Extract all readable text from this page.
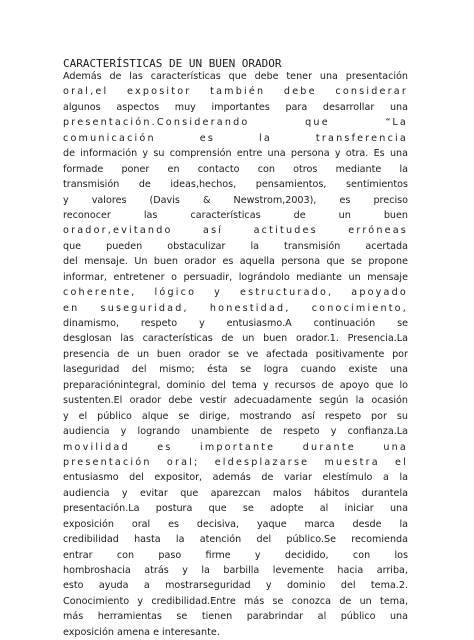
CARACTERÍSTICAS DE UN BUEN ORADOR
Además de las características que debe tener una presentación
oral,el expositor también debe considerar
algunos aspectos muy importantes para desarrollar una
presentación.Considerando que “La
comunicación es la transferencia
de información y su comprensión entre una persona y otra. Es una
formade poner en contacto con otros mediante la
transmisión de ideas,hechos, pensamientos, sentimientos
y valores (Davis & Newstrom,2003), es preciso
reconocer las características de un buen
orador,evitando así actitudes erróneas
que pueden obstaculizar la transmisión acertada
del mensaje. Un buen orador es aquella persona que se propone
informar, entretener o persuadir, lográndolo mediante un mensaje
coherente, lógico y estructurado, apoyado
en suseguridad, honestidad, conocimiento,
dinamismo, respeto y entusiasmo.A continuación se
desglosan las características de un buen orador.1. Presencia.La
presencia de un buen orador se ve afectada positivamente por
laseguridad del mismo; ésta se logra cuando existe una
preparaciónintegral, dominio del tema y recursos de apoyo que lo
sustenten.El orador debe vestir adecuadamente según la ocasión
y el público alque se dirige, mostrando así respeto por su
audiencia y logrando unambiente de respeto y confianza.La
movilidad es importante durante una
presentación oral; eldesplazarse muestra el
entusiasmo del expositor, además de variar elestímulo a la
audiencia y evitar que aparezcan malos hábitos durantela
presentación.La postura que se adopte al iniciar una
exposición oral es decisiva, yaque marca desde la
credibilidad hasta la atención del público.Se recomienda
entrar con paso firme y decidido, con los
hombroshacia atrás y la barbilla levemente hacia arriba,
esto ayuda a mostrarseguridad y dominio del tema.2.
Conocimiento y credibilidad.Entre más se conozca de un tema,
más herramientas se tienen parabrindar al público una
exposición amena e interesante.
